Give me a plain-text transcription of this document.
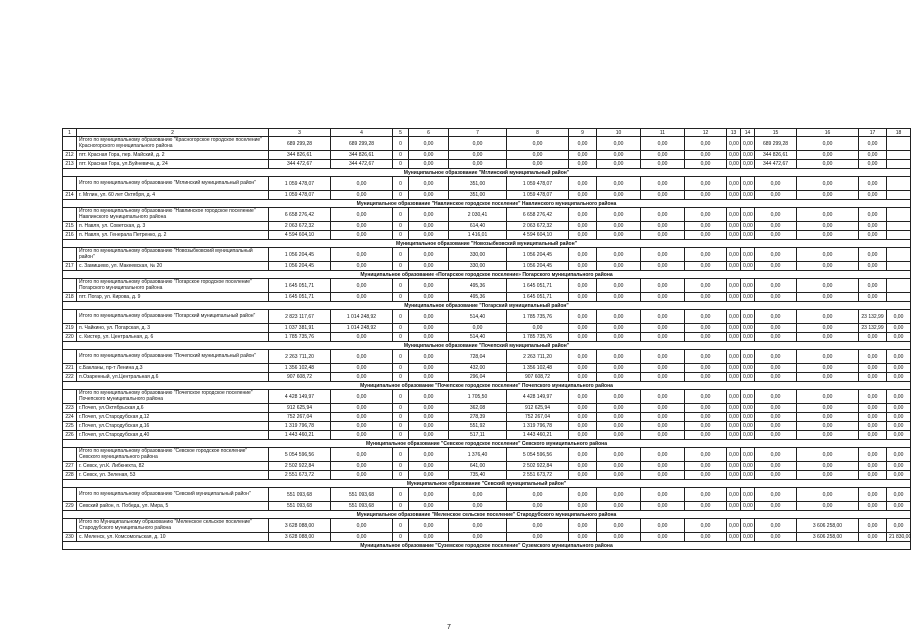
1	2	3	4	5	6	7	8	9	10	11	12	13	14	15	16	17	18
	Итого по муниципальному образованию "Красногорское городское поселение" Красногорского муниципального района	689 299,28	689 299,28	0	0,00	0,00	0,00	0,00	0,00	0,00	0,00	0,00	0,00	689 299,28	0,00	0,00	
212	пгт. Красная Гора, пер. Майский, д. 2	344 826,61	344 826,61	0	0,00	0,00	0,00	0,00	0,00	0,00	0,00	0,00	0,00	344 826,61	0,00	0,00	
213	пгт. Красная Гора, ул.Буйневича, д. 24	344 472,67	344 472,67	0	0,00	0,00	0,00	0,00	0,00	0,00	0,00	0,00	0,00	344 472,67	0,00	0,00	
Муниципальное образование "Мглинский муниципальный район"																	
	Итого по муниципальному образованию "Мглинский муниципальный район"	1 059 478,07	0,00	0	0,00	351,00	1 059 478,07	0,00	0,00	0,00	0,00	0,00	0,00	0,00	0,00	0,00	
214	г. Мглин, ул. 60 лет Октября, д. 4	1 059 478,07	0,00	0	0,00	351,00	1 059 478,07	0,00	0,00	0,00	0,00	0,00	0,00	0,00	0,00	0,00	
Муниципальное образование "Навлинское городское поселение" Навлинского муниципального района																	
	Итого по муниципальному образованию "Навлинское городское поселение" Навлинского муниципального района	6 658 276,42	0,00	0	0,00	2 030,41	6 658 276,42	0,00	0,00	0,00	0,00	0,00	0,00	0,00	0,00	0,00	
215	п. Навля, ул. Советская, д. 3	2 063 672,32	0,00	0	0,00	614,40	2 063 672,32	0,00	0,00	0,00	0,00	0,00	0,00	0,00	0,00	0,00	
216	п. Навля, ул. Генерала Петренко, д. 2	4 594 604,10	0,00	0	0,00	1 416,01	4 594 604,10	0,00	0,00	0,00	0,00	0,00	0,00	0,00	0,00	0,00	
Муниципальное образование "Новозыбковский муниципальный район"																	
	Итого по муниципальному образованию "Новозыбковский муниципальный район"	1 056 204,45	0,00	0	0,00	330,00	1 056 204,45	0,00	0,00	0,00	0,00	0,00	0,00	0,00	0,00	0,00	
217	с. Замишево, ул. Макеевская, № 20	1 056 204,45	0,00	0	0,00	330,00	1 056 204,45	0,00	0,00	0,00	0,00	0,00	0,00	0,00	0,00	0,00	
Муниципальное образование «Погарское городское поселение» Погарского муниципального района																	
	Итого по муниципальному образованию "Погарское городское поселение" Погарского муниципального района	1 645 051,71	0,00	0	0,00	495,36	1 645 051,71	0,00	0,00	0,00	0,00	0,00	0,00	0,00	0,00	0,00	
218	пгт. Погар, ул. Кирова, д. 9	1 645 051,71	0,00	0	0,00	495,36	1 645 051,71	0,00	0,00	0,00	0,00	0,00	0,00	0,00	0,00	0,00	
Муниципальное образование "Погарский муниципальный район"																	
	Итого по муниципальному образованию "Погарский муниципальный район"	2 823 117,67	1 014 248,92	0	0,00	514,40	1 785 735,76	0,00	0,00	0,00	0,00	0,00	0,00	0,00	0,00	23 132,99	0,00
219	п. Чайкино, ул. Погарская, д. 3	1 037 381,91	1 014 248,92	0	0,00	0,00	0,00	0,00	0,00	0,00	0,00	0,00	0,00	0,00	0,00	23 132,99	0,00
220	с. Кистер, ул. Центральная, д. 6	1 785 735,76	0,00	0	0,00	514,40	1 785 735,76	0,00	0,00	0,00	0,00	0,00	0,00	0,00	0,00	0,00	0,00
Муниципальное образование "Почепский муниципальный район"																	
	Итого по муниципальному образованию "Почепский муниципальный район"	2 263 711,20	0,00	0	0,00	728,04	2 263 711,20	0,00	0,00	0,00	0,00	0,00	0,00	0,00	0,00	0,00	0,00
221	с.Бакланы, пр-т Ленина д.3	1 356 102,48	0,00	0	0,00	432,00	1 356 102,48	0,00	0,00	0,00	0,00	0,00	0,00	0,00	0,00	0,00	0,00
222	п.Озаренный, ул.Центральная д.6	907 608,72	0,00	0	0,00	296,04	907 608,72	0,00	0,00	0,00	0,00	0,00	0,00	0,00	0,00	0,00	0,00
Муниципальное образование "Почепское городское поселение" Почепского муниципального района																	
	Итого по муниципальному образованию "Почепское городское поселение" Почепского муниципального района	4 428 149,97	0,00	0	0,00	1 705,50	4 428 149,97	0,00	0,00	0,00	0,00	0,00	0,00	0,00	0,00	0,00	0,00
223	г.Почеп, ул.Октябрьская д.6	912 625,94	0,00	0	0,00	362,08	912 625,94	0,00	0,00	0,00	0,00	0,00	0,00	0,00	0,00	0,00	0,00
224	г.Почеп, ул.Стародубская д.12	752 267,04	0,00	0	0,00	278,39	752 267,04	0,00	0,00	0,00	0,00	0,00	0,00	0,00	0,00	0,00	0,00
225	г.Почеп, ул.Стародубская д.16	1 319 796,78	0,00	0	0,00	551,92	1 319 796,78	0,00	0,00	0,00	0,00	0,00	0,00	0,00	0,00	0,00	0,00
226	г.Почеп, ул.Стародубская д.40	1 443 460,21	0,00	0	0,00	517,11	1 443 460,21	0,00	0,00	0,00	0,00	0,00	0,00	0,00	0,00	0,00	0,00
Муниципальное образование "Севское городское поселение" Севского муниципального района																	
	Итого по муниципальному образованию "Севское городское поселение" Севского муниципального района	5 054 596,56	0,00	0	0,00	1 376,40	5 054 596,56	0,00	0,00	0,00	0,00	0,00	0,00	0,00	0,00	0,00	0,00
227	г. Севск, ул.К. Либкнехта, 82	2 502 922,84	0,00	0	0,00	641,00	2 502 922,84	0,00	0,00	0,00	0,00	0,00	0,00	0,00	0,00	0,00	0,00
228	г. Севск, ул. Зеленая, 53	2 551 673,72	0,00	0	0,00	735,40	2 551 673,72	0,00	0,00	0,00	0,00	0,00	0,00	0,00	0,00	0,00	0,00
Муниципальное образование "Севский муниципальный район"																	
	Итого по муниципальному образованию "Севский муниципальный район"	551 093,68	551 093,68	0	0,00	0,00	0,00	0,00	0,00	0,00	0,00	0,00	0,00	0,00	0,00	0,00	0,00
229	Севский район, п. Победа, ул. Мира, 5	551 093,68	551 093,68	0	0,00	0,00	0,00	0,00	0,00	0,00	0,00	0,00	0,00	0,00	0,00	0,00	0,00
Муниципальное образование "Меленское сельское поселение" Стародубского муниципального района																	
	Итого по Муниципальному образованию "Меленское сельское поселение" Стародубского муниципального района	3 628 088,00	0,00	0	0,00	0,00	0,00	0,00	0,00	0,00	0,00	0,00	0,00	0,00	3 606 258,00	0,00	0,00
230	с. Меленск, ул. Комсомольская, д. 10	3 628 088,00	0,00	0	0,00	0,00	0,00	0,00	0,00	0,00	0,00	0,00	0,00	0,00	3 606 258,00	0,00	21 830,00
Муниципальное образование "Суземское городское поселение" Суземского муниципального района																	
7
